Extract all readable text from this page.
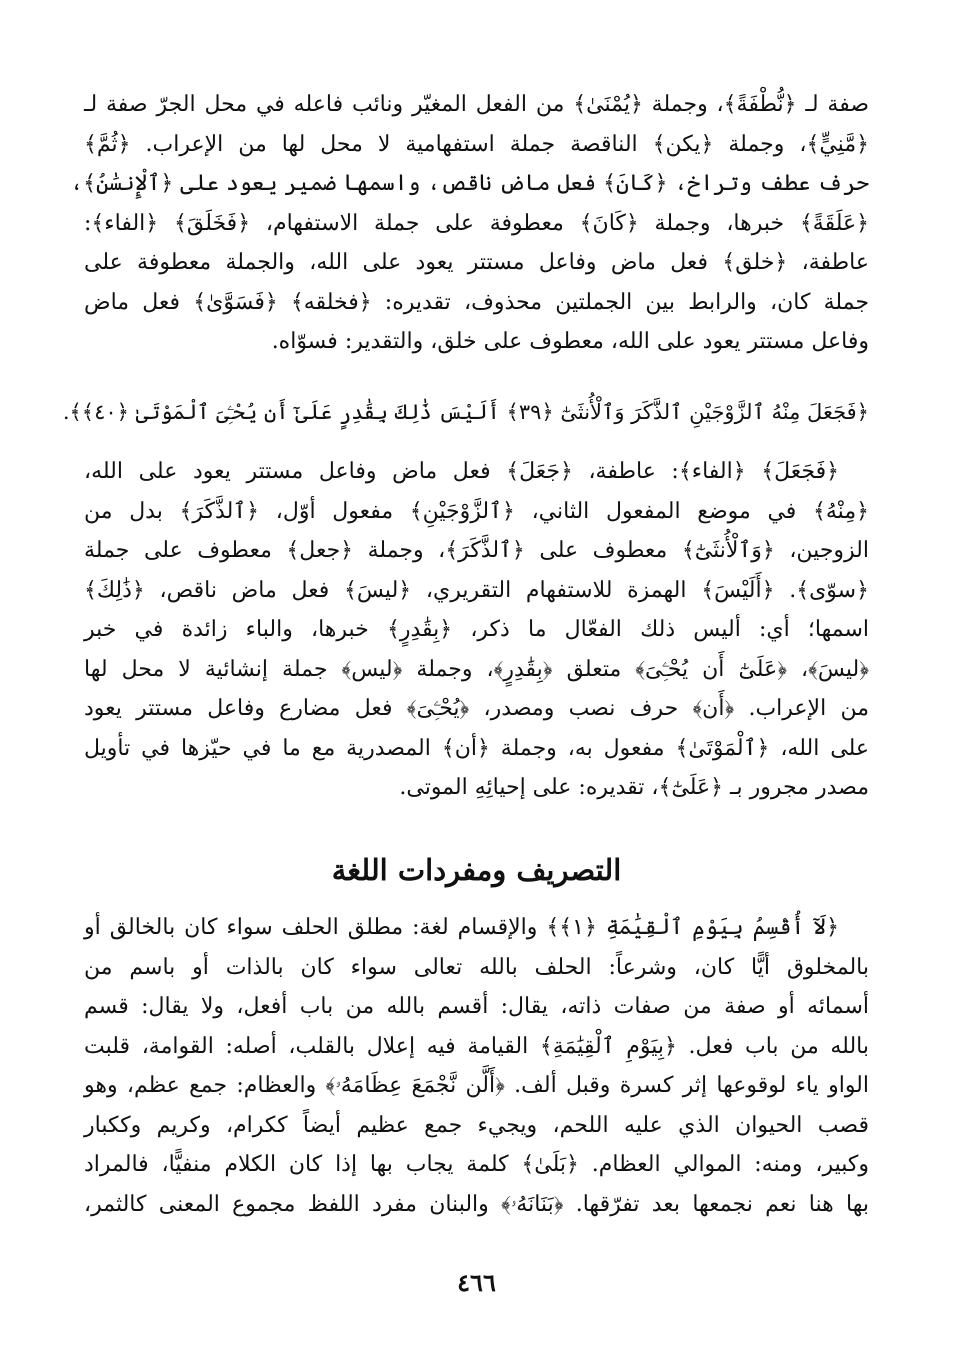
صفة لـ ﴿نُّطْفَةً﴾، وجملة ﴿يُمْنَىٰ﴾ من الفعل المغيّر ونائب فاعله في محل الجرّ صفة لـ
﴿مَّنِيٍّ﴾، وجملة ﴿يكن﴾ الناقصة جملة استفهامية لا محل لها من الإعراب. ﴿ثُمَّ﴾
حرف عطف وتراخ، ﴿كَانَ﴾ فعل ماض ناقص، واسمها ضمير يعود على ﴿ٱلْإِنسَٰنُ﴾،
﴿عَلَقَةً﴾ خبرها، وجملة ﴿كَانَ﴾ معطوفة على جملة الاستفهام، ﴿فَخَلَقَ﴾ ﴿الفاء﴾:
عاطفة، ﴿خلق﴾ فعل ماض وفاعل مستتر يعود على الله، والجملة معطوفة على
جملة كان، والرابط بين الجملتين محذوف، تقديره: ﴿فخلقه﴾ ﴿فَسَوَّىٰ﴾ فعل ماض
وفاعل مستتر يعود على الله، معطوف على خلق، والتقدير: فسوّاه.
﴿فَجَعَلَ مِنْهُ ٱلزَّوْجَيْنِ ٱلذَّكَرَ وَٱلْأُنثَىٰٓ ﴿٣٩﴾ أَلَيْسَ ذَٰلِكَ بِقَٰدِرٍ عَلَىٰٓ أَن يُحْـِۧىَ ٱلْمَوْتَىٰ ﴿٤٠﴾﴾.
﴿فَجَعَلَ﴾ ﴿الفاء﴾: عاطفة، ﴿جَعَلَ﴾ فعل ماض وفاعل مستتر يعود على الله،
﴿مِنْهُ﴾ في موضع المفعول الثاني، ﴿ٱلزَّوْجَيْنِ﴾ مفعول أوّل، ﴿ٱلذَّكَرَ﴾ بدل من
الزوجين، ﴿وَٱلْأُنثَىٰٓ﴾ معطوف على ﴿ٱلذَّكَرَ﴾، وجملة ﴿جعل﴾ معطوف على جملة
﴿سوّى﴾. ﴿أَلَيْسَ﴾ الهمزة للاستفهام التقريري، ﴿ليسَ﴾ فعل ماض ناقص، ﴿ذَٰلِكَ﴾
اسمها؛ أي: أليس ذلك الفعّال ما ذكر، ﴿بِقَٰدِرٍ﴾ خبرها، والباء زائدة في خبر
﴿ليسَ﴾، ﴿عَلَىٰٓ أَن يُحْـِۧىَ﴾ متعلق ﴿بِقَٰدِرٍ﴾، وجملة ﴿ليس﴾ جملة إنشائية لا محل لها
من الإعراب. ﴿أَن﴾ حرف نصب ومصدر، ﴿يُحْـِۧىَ﴾ فعل مضارع وفاعل مستتر يعود
على الله، ﴿ٱلْمَوْتَىٰ﴾ مفعول به، وجملة ﴿أن﴾ المصدرية مع ما في حيّزها في تأويل
مصدر مجرور بـ ﴿عَلَىٰٓ﴾، تقديره: على إحيائِهِ الموتى.
التصريف ومفردات اللغة
﴿لَآ أُقْسِمُ بِيَوْمِ ٱلْقِيَٰمَةِ ﴿١﴾﴾ والإقسام لغة: مطلق الحلف سواء كان بالخالق أو
بالمخلوق أيًّا كان، وشرعاً: الحلف بالله تعالى سواء كان بالذات أو باسم من
أسمائه أو صفة من صفات ذاته، يقال: أقسم بالله من باب أفعل، ولا يقال: قسم
بالله من باب فعل. ﴿بِيَوْمِ ٱلْقِيَٰمَةِ﴾ القيامة فيه إعلال بالقلب، أصله: القوامة، قلبت
الواو ياء لوقوعها إثر كسرة وقبل ألف. ﴿أَلَّن نَّجْمَعَ عِظَامَهُۥ﴾ والعظام: جمع عظم، وهو
قصب الحيوان الذي عليه اللحم، ويجيء جمع عظيم أيضاً ككرام، وكريم وككبار
وكبير، ومنه: الموالي العظام. ﴿بَلَىٰ﴾ كلمة يجاب بها إذا كان الكلام منفيًّا، فالمراد
بها هنا نعم نجمعها بعد تفرّقها. ﴿بَنَانَهُۥ﴾ والبنان مفرد اللفظ مجموع المعنى كالثمر،
٤٦٦
